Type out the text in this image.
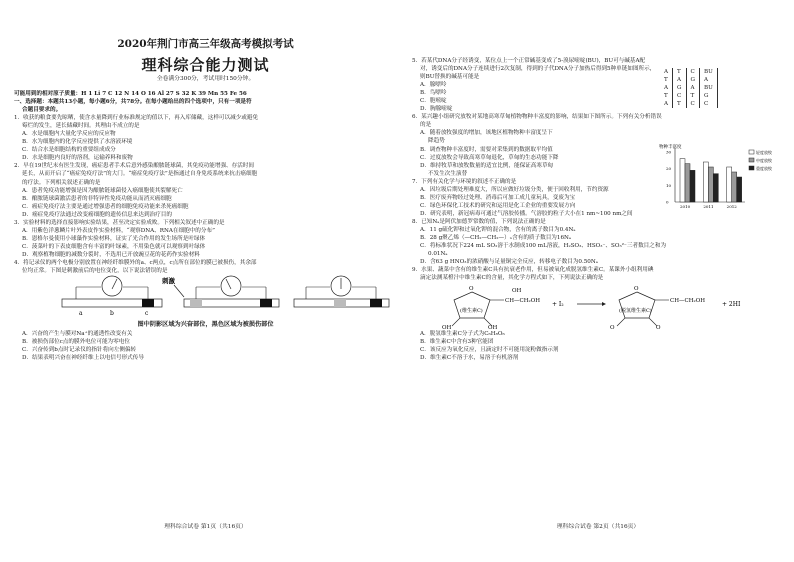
2020年荆门市高三年级高考模拟考试
理科综合能力测试
全卷满分300分，考试用时150分钟。

可能用到的相对原子质量：H 1 Li 7 C 12 N 14 O 16 Al 27 S 32 K 39 Mn 55 Fe 56

一、选择题：本题共13小题，每小题6分，共78分。在每小题给出的四个选项中，只有一项是符

合题目要求的。

1．收获的粮食要先晾晒，使含水量降到行业标准规定的值以下，再入库储藏，这样可以减少或避免

霉烂的发生，延长储藏时间。其理由不成立的是

A．水是细胞内大量化学反应的反应物

B．水为细胞内的化学反应提供了水溶液环境

C．结合水是细胞结构的重要组成成分

D．水是细胞内良好的溶剂，运输养料和废物

2．早在19世纪末有医生发现，癌症患者手术后意外感染酿脓链球菌，其免疫功能增强、存活时间

延长，从而开启了“癌症免疫疗法”的大门。“癌症免疫疗法”是指通过自身免疫系统来抗击癌细胞

的疗法。下列相关叙述正确的是

A．患者免疫功能增强是因为酿脓链球菌侵入癌细胞使其裂解死亡

B．酿脓链球菌激活患者的非特异性免疫功能从而消灭癌细胞

C．癌症免疫疗法主要是通过增强患者的细胞免疫功能来杀死癌细胞

D．癌症免疫疗法通过改变癌细胞的遗传信息来达到治疗目的

3．实验材料的选择直接影响实验结果，甚至决定实验成败。下列相关叙述中正确的是

A．用紫色洋葱鳞片叶外表皮作实验材料，“观察DNA、RNA在细胞中的分布”

B．恩格尔曼使用小球藻作实验材料，证实了光合作用的发生场所是叶绿体

C．菠菜叶的下表皮细胞含有丰富的叶绿素，不用染色就可以观察到叶绿体

D．观察植物细胞的减数分裂时，不选用已开放豌豆花的花药作实验材料

4．将记录仪的两个电极分别放置在神经纤维膜外的a、c两点，c点所在部位的膜已被损伤，其余部

位均正常。下图是刺激前后的电位变化，以下说法错误的是

a	b	c
刺激
图中阴影区域为兴奋部位，黑色区域为被损伤部位

A．兴奋的产生与膜对Na⁺的通透性改变有关

B．被损伤部位c点的膜外电位可能为零电位

C．兴奋传到b点时记录仪的指针将向左侧偏转

D．结果表明兴奋在神经纤维上以电信号形式传导

理科综合试卷 第1页（共16页）

5．若某代DNA分子经诱变，某位点上一个正常碱基变成了5-溴尿嘧啶(BU)，BU可与碱基A配

对，诱变后的DNA分子连续进行2次复制，得到的子代DNA分子加热后得到5种单链如图所示，

则BU替换的碱基可能是

A．腺嘌呤

B．鸟嘌呤

C．胞嘧啶

D．胸腺嘧啶

A	T	C	BU
T	A	G	A
A	G	A	BU
T	C	T	G
A	T	C	C

6．某兴趣小组研究放牧对某地高寒草甸植物物种丰富度的影响，结果如下图所示。下列有关分析错误

的是

A．随着放牧强度的增加，该地区植物物种丰富度呈下

降趋势

B．调查物种丰富度时，需要对采集到的数据取平均值

C．过度放牧会导致高寒草甸退化，草甸的生态功能下降

D．维持牧草和放牧数量的适宜比例，能保证高寒草甸

不发生次生演替

物种丰富度
30
20
10
0
2010	2011	2012
轻度放牧
中度放牧
重度放牧

7．下列有关化学与环境的叙述不正确的是

A．因垃圾后期处理难度大，所以应做好垃圾分类，便于回收利用，节约资源

B．医疗废弃物经过处理、消毒后可加工成儿童玩具，变废为宝

C．绿色环保化工技术的研究和运用是化工企业的重要发展方向

D．研究表明，新冠病毒可通过气溶胶传播。气溶胶的粒子大小在1 nm~100 nm之间

8．已知Nₐ是阿伏加德罗常数的值，下列说法正确的是

A．11 g硫化钾和过氧化钾的混合物，含有的离子数目为0.4Nₐ

B．28 g聚乙烯（—CH₂—CH₂—）ₙ含有的质子数目为16Nₐ

C．将标准状况下224 mL SO₂溶于水制成100 mL溶液，H₂SO₃、HSO₃⁻、SO₃²⁻三者数目之和为

0.01Nₐ

D．含63 g HNO₃的浓硝酸与足量铜完全反应，转移电子数目为0.50Nₐ

9．水果、蔬菜中含有的维生素C具有抗衰老作用，但易被氧化成脱氢维生素C。某课外小组利用碘

滴定法测某橙汁中维生素C的含量，其化学方程式如下，下列说法正确的是

O
CH—CH₂OH
OH	OH
OH
(维生素C)
+ I₂
O
CH—CH₂OH
O	O
(脱氢维生素C)
+ 2HI

A．脱氢维生素C分子式为C₆H₈O₆

B．维生素C中含有3种官能团

C．该反应为氧化反应，且滴定时不可能用淀粉做指示剂

D．维生素C不溶于水，易溶于有机溶剂

理科综合试卷 第2页（共16页）
